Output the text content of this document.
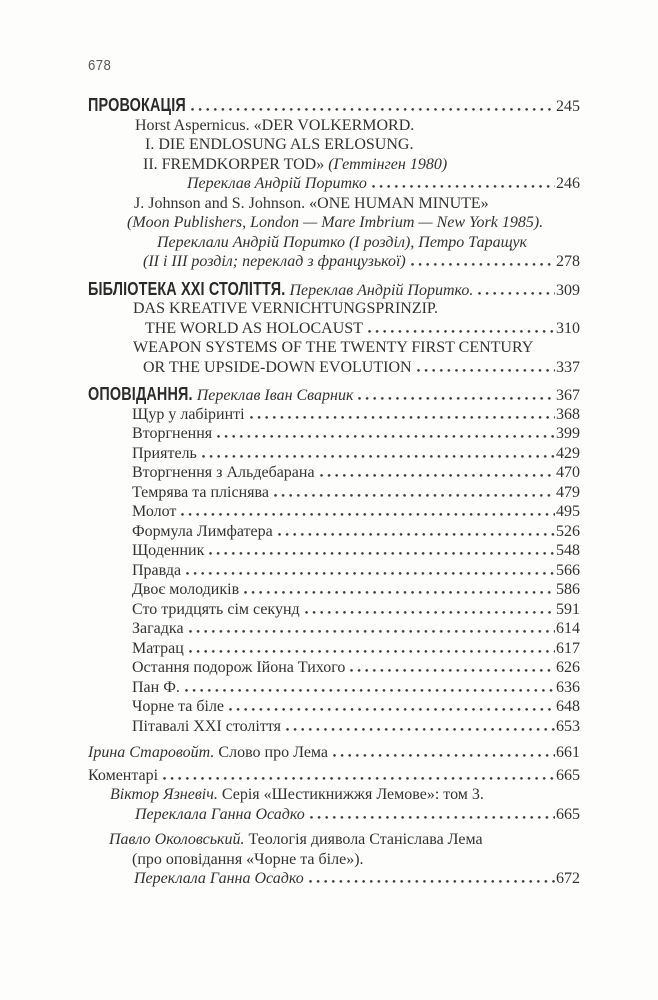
678
ПРОВОКАЦІЯ	245
Horst Aspernicus. «DER VOLKERMORD.
I. DIE ENDLOSUNG ALS ERLOSUNG.
II. FREMDKORPER TOD» (Геттінген 1980)
Переклав Андрій Поритко	246
J. Johnson and S. Johnson. «ONE HUMAN MINUTE»
(Moon Publishers, London — Mare Imbrium — New York 1985).
Переклали Андрій Поритко (І розділ), Петро Таращук
(ІІ і ІІІ розділ; переклад з французької)	278
БІБЛІОТЕКА XXI СТОЛІТТЯ. Переклав Андрій Поритко.	309
DAS KREATIVE VERNICHTUNGSPRINZIP.
THE WORLD AS HOLOCAUST	310
WEAPON SYSTEMS OF THE TWENTY FIRST CENTURY
OR THE UPSIDE-DOWN EVOLUTION	337
ОПОВІДАННЯ. Переклав Іван Сварник	367
Щур у лабіринті	368
Вторгнення	399
Приятель	429
Вторгнення з Альдебарана	470
Темрява та пліснява	479
Молот	495
Формула Лимфатера	526
Щоденник	548
Правда	566
Двоє молодиків	586
Сто тридцять сім секунд	591
Загадка	614
Матрац	617
Остання подорож Ійона Тихого	626
Пан Ф.	636
Чорне та біле	648
Пітавалі XXI століття	653
Ірина Старовойт. Слово про Лема	661
Коментарі	665
Віктор Язневіч. Серія «Шестикнижжя Лемове»: том 3.
Переклала Ганна Осадко	665
Павло Околовський. Теологія диявола Станіслава Лема
(про оповідання «Чорне та біле»).
Переклала Ганна Осадко	672
